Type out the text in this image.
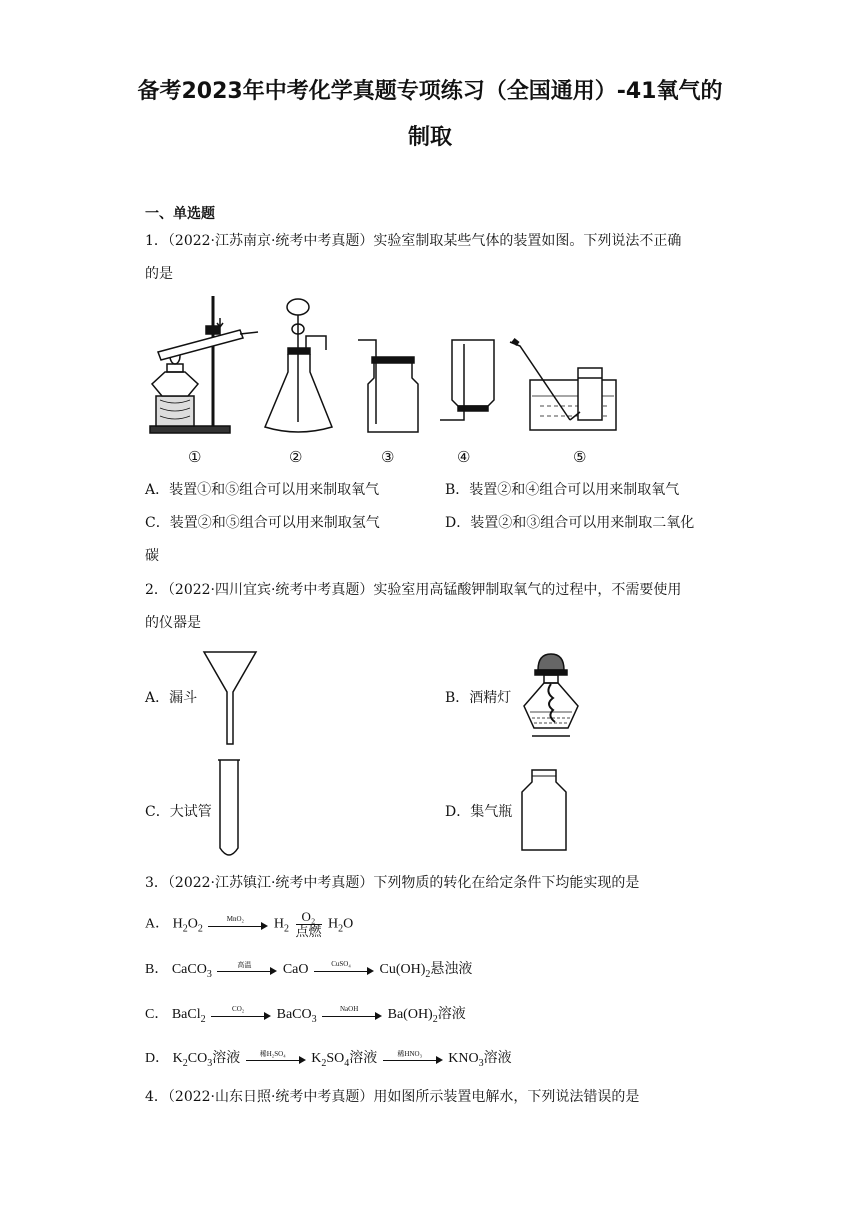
备考2023年中考化学真题专项练习（全国通用）-41氧气的
制取
一、单选题
1．（2022·江苏南京·统考中考真题）实验室制取某些气体的装置如图。下列说法不正确
的是
①	②	③	④	⑤
A．装置①和⑤组合可以用来制取氧气	B．装置②和④组合可以用来制取氧气
C．装置②和⑤组合可以用来制取氢气	D．装置②和③组合可以用来制取二氧化
碳
2．（2022·四川宜宾·统考中考真题）实验室用高锰酸钾制取氧气的过程中，不需要使用
的仪器是
A．漏斗	B．酒精灯
C．大试管	D．集气瓶
3．（2022·江苏镇江·统考中考真题）下列物质的转化在给定条件下均能实现的是
A． $H_2O_2$
MnO₂	$H_2 \frac{\text{O₂}}{\text{点燃}} H_2O$
B． CaCO$_3$
高温	CaO	CuSO₄	$Cu(OH)_2$悬浊液
C． BaCl$_2$
CO₂	BaCO$_3$
NaOH	$Ba(OH)_2$溶液
D． $K_2CO_3$溶液	稀H₂SO₄	$K_2SO_4$溶液	稀HNO₃	$KNO_3$溶液
4．（2022·山东日照·统考中考真题）用如图所示装置电解水，下列说法错误的是
